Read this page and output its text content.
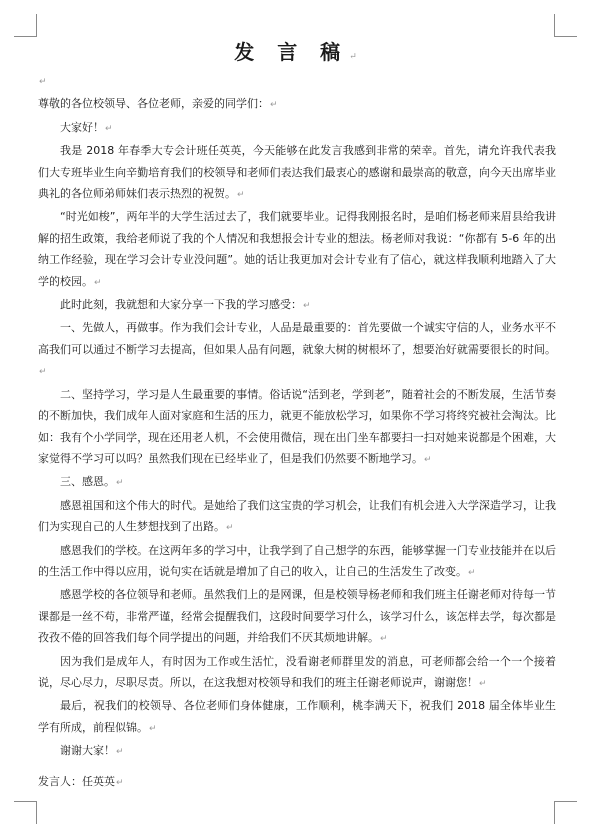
发 言 稿↵

↵

尊敬的各位校领导、各位老师，亲爱的同学们：↵

大家好！↵

我是 2018 年春季大专会计班任英英，今天能够在此发言我感到非常的荣幸。首先，请允许我代表我们大专班毕业生向辛勤培育我们的校领导和老师们表达我们最衷心的感谢和最崇高的敬意，向今天出席毕业典礼的各位师弟师妹们表示热烈的祝贺。↵

“时光如梭”，两年半的大学生活过去了，我们就要毕业。记得我刚报名时，是咱们杨老师来眉县给我讲解的招生政策，我给老师说了我的个人情况和我想报会计专业的想法。杨老师对我说：“你都有 5-6 年的出纳工作经验，现在学习会计专业没问题”。她的话让我更加对会计专业有了信心，就这样我顺利地踏入了大学的校园。↵

此时此刻，我就想和大家分享一下我的学习感受：↵

一、先做人，再做事。作为我们会计专业，人品是最重要的：首先要做一个诚实守信的人，业务水平不高我们可以通过不断学习去提高，但如果人品有问题，就象大树的树根坏了，想要治好就需要很长的时间。↵

二、坚持学习，学习是人生最重要的事情。俗话说“活到老，学到老”，随着社会的不断发展，生活节奏的不断加快，我们成年人面对家庭和生活的压力，就更不能放松学习，如果你不学习将终究被社会淘汰。比如：我有个小学同学，现在还用老人机，不会使用微信，现在出门坐车都要扫一扫对她来说都是个困难，大家觉得不学习可以吗？虽然我们现在已经毕业了，但是我们仍然要不断地学习。↵

三、感恩。↵

感恩祖国和这个伟大的时代。是她给了我们这宝贵的学习机会，让我们有机会进入大学深造学习，让我们为实现自己的人生梦想找到了出路。↵

感恩我们的学校。在这两年多的学习中，让我学到了自己想学的东西，能够掌握一门专业技能并在以后的生活工作中得以应用，说句实在话就是增加了自己的收入，让自己的生活发生了改变。↵

感恩学校的各位领导和老师。虽然我们上的是网课，但是校领导杨老师和我们班主任谢老师对待每一节课都是一丝不苟，非常严谨，经常会提醒我们，这段时间要学习什么，该学习什么，该怎样去学，每次都是孜孜不倦的回答我们每个同学提出的问题，并给我们不厌其烦地讲解。↵

因为我们是成年人，有时因为工作或生活忙，没看谢老师群里发的消息，可老师都会给一个一个接着说，尽心尽力，尽职尽责。所以，在这我想对校领导和我们的班主任谢老师说声，谢谢您！↵

最后，祝我们的校领导、各位老师们身体健康，工作顺利，桃李满天下，祝我们 2018 届全体毕业生学有所成，前程似锦。↵

谢谢大家！↵

发言人：任英英↵
